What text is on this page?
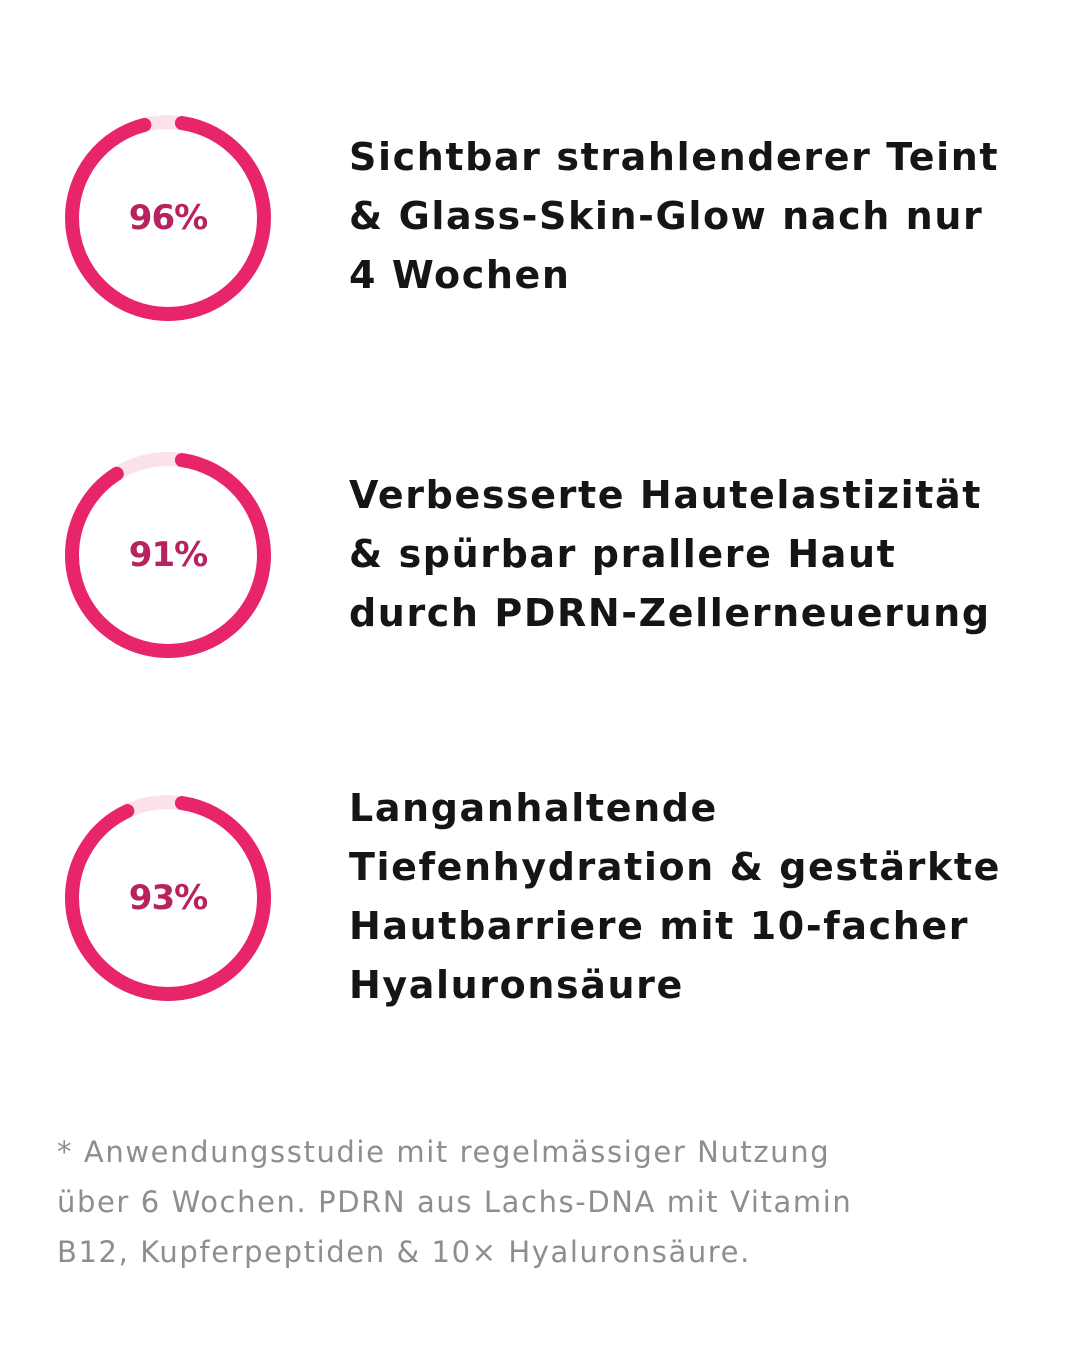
96%

Sichtbar strahlenderer Teint
& Glass-Skin-Glow nach nur
4 Wochen

91%

Verbesserte Hautelastizität
& spürbar prallere Haut
durch PDRN-Zellerneuerung

93%

Langanhaltende
Tiefenhydration & gestärkte
Hautbarriere mit 10-facher
Hyaluronsäure

* Anwendungsstudie mit regelmässiger Nutzung
über 6 Wochen. PDRN aus Lachs-DNA mit Vitamin
B12, Kupferpeptiden & 10× Hyaluronsäure.
